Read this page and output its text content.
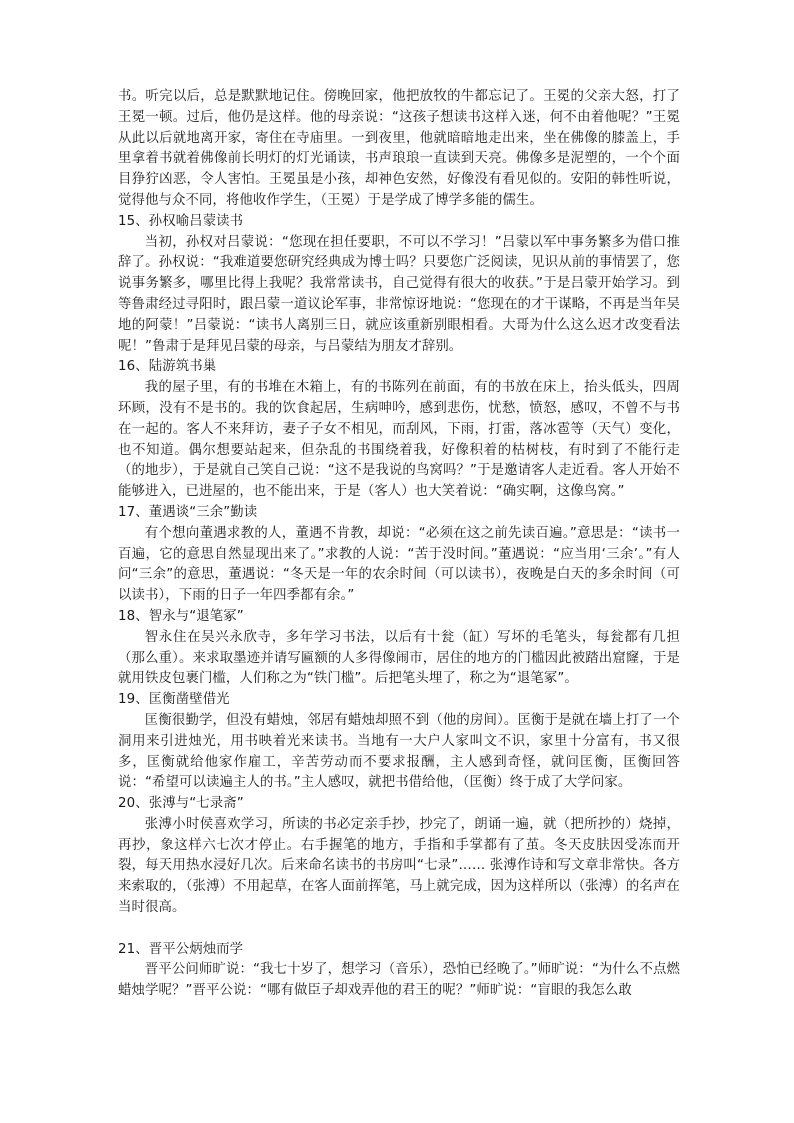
书。听完以后，总是默默地记住。傍晚回家，他把放牧的牛都忘记了。王冕的父亲大怒，打了王冕一顿。过后，他仍是这样。他的母亲说：“这孩子想读书这样入迷，何不由着他呢？”王冕从此以后就地离开家，寄住在寺庙里。一到夜里，他就暗暗地走出来，坐在佛像的膝盖上，手里拿着书就着佛像前长明灯的灯光诵读，书声琅琅一直读到天亮。佛像多是泥塑的，一个个面目狰狞凶恶，令人害怕。王冕虽是小孩，却神色安然，好像没有看见似的。安阳的韩性听说，觉得他与众不同，将他收作学生，（王冕）于是学成了博学多能的儒生。

15、孙权喻吕蒙读书

当初，孙权对吕蒙说：“您现在担任要职，不可以不学习！”吕蒙以军中事务繁多为借口推辞了。孙权说：“我难道要您研究经典成为博士吗？只要您广泛阅读，见识从前的事情罢了，您说事务繁多，哪里比得上我呢？我常常读书，自己觉得有很大的收获。”于是吕蒙开始学习。到等鲁肃经过寻阳时，跟吕蒙一道议论军事，非常惊讶地说：“您现在的才干谋略，不再是当年吴地的阿蒙！”吕蒙说：“读书人离别三日，就应该重新别眼相看。大哥为什么这么迟才改变看法呢！”鲁肃于是拜见吕蒙的母亲，与吕蒙结为朋友才辞别。

16、陆游筑书巢

我的屋子里，有的书堆在木箱上，有的书陈列在前面，有的书放在床上，抬头低头，四周环顾，没有不是书的。我的饮食起居，生病呻吟，感到悲伤，忧愁，愤怒，感叹，不曾不与书在一起的。客人不来拜访，妻子子女不相见，而刮风，下雨，打雷，落冰雹等（天气）变化，也不知道。偶尔想要站起来，但杂乱的书围绕着我，好像积着的枯树枝，有时到了不能行走（的地步），于是就自己笑自己说：“这不是我说的鸟窝吗？”于是邀请客人走近看。客人开始不能够进入，已进屋的，也不能出来，于是（客人）也大笑着说：“确实啊，这像鸟窝。”

17、董遇谈“三余”勤读

有个想向董遇求教的人，董遇不肯教，却说：“必须在这之前先读百遍。”意思是：“读书一百遍，它的意思自然显现出来了。”求教的人说：“苦于没时间。”董遇说：“应当用‘三余’。”有人问“三余”的意思，董遇说：“冬天是一年的农余时间（可以读书），夜晚是白天的多余时间（可以读书），下雨的日子一年四季都有余。”

18、智永与“退笔冢”

智永住在吴兴永欣寺，多年学习书法，以后有十瓮（缸）写坏的毛笔头，每瓮都有几担（那么重）。来求取墨迹并请写匾额的人多得像闹市，居住的地方的门槛因此被踏出窟窿，于是就用铁皮包裹门槛，人们称之为“铁门槛”。后把笔头埋了，称之为“退笔冢”。

19、匡衡凿壁借光

匡衡很勤学，但没有蜡烛，邻居有蜡烛却照不到（他的房间）。匡衡于是就在墙上打了一个洞用来引进烛光，用书映着光来读书。当地有一大户人家叫文不识，家里十分富有，书又很多，匡衡就给他家作雇工，辛苦劳动而不要求报酬，主人感到奇怪，就问匡衡，匡衡回答说：“希望可以读遍主人的书。”主人感叹，就把书借给他，（匡衡）终于成了大学问家。

20、张溥与“七录斋”

张溥小时侯喜欢学习，所读的书必定亲手抄，抄完了，朗诵一遍，就（把所抄的）烧掉，再抄，象这样六七次才停止。右手握笔的地方，手指和手掌都有了茧。冬天皮肤因受冻而开裂，每天用热水浸好几次。后来命名读书的书房叫“七录”…… 张溥作诗和写文章非常快。各方来索取的，（张溥）不用起草，在客人面前挥笔，马上就完成，因为这样所以（张溥）的名声在当时很高。

21、晋平公炳烛而学

晋平公问师旷说：“我七十岁了，想学习（音乐），恐怕已经晚了。”师旷说：“为什么不点燃蜡烛学呢？”晋平公说：“哪有做臣子却戏弄他的君王的呢？”师旷说：“盲眼的我怎么敢
